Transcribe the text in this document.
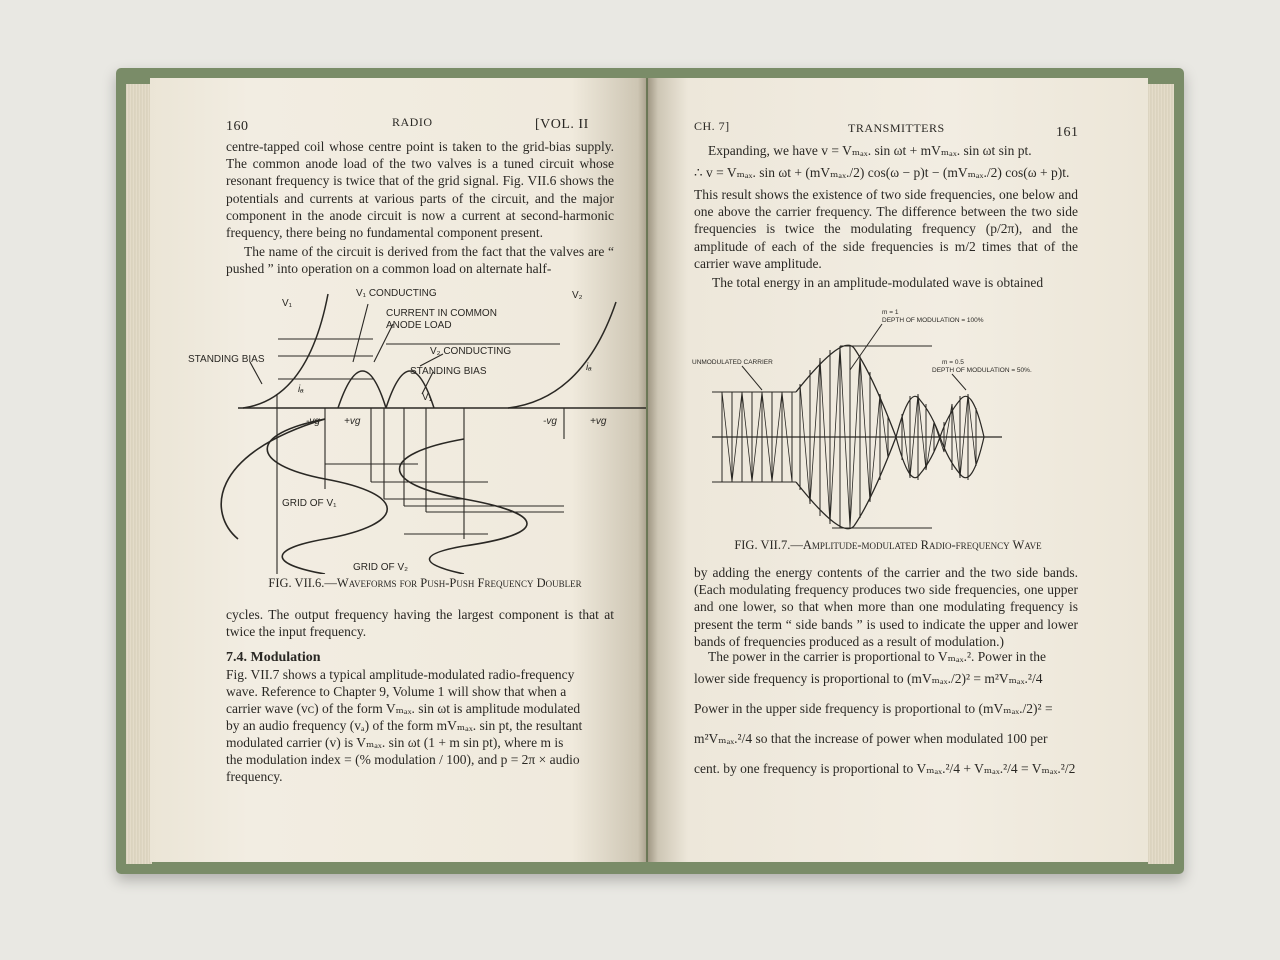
160	RADIO	[VOL. II

centre-tapped coil whose centre point is taken to the grid-bias supply. The common anode load of the two valves is a tuned circuit whose resonant frequency is twice that of the grid signal. Fig. VII.6 shows the potentials and currents at various parts of the circuit, and the major component in the anode circuit is now a current at second-harmonic frequency, there being no fundamental component present.

The name of the circuit is derived from the fact that the valves are “ pushed ” into operation on a common load on alternate half-

V₁
V₁ CONDUCTING
CURRENT IN COMMON
ANODE LOAD
V₂
STANDING BIAS
iₐ
V₂ CONDUCTING
STANDING BIAS
V₁
iₐ
-vg +vg	-vg	+vg
GRID OF V₁
GRID OF V₂
FIG. VII.6.—Waveforms for Push-Push Frequency Doubler

cycles. The output frequency having the largest component is that at twice the input frequency.

7.4. Modulation
Fig. VII.7 shows a typical amplitude-modulated radio-frequency
wave. Reference to Chapter 9, Volume 1 will show that when a
carrier wave (vᴄ) of the form Vₘₐₓ. sin ωt is amplitude modulated
by an audio frequency (vₐ) of the form mVₘₐₓ. sin pt, the resultant
modulated carrier (v) is Vₘₐₓ. sin ωt (1 + m sin pt), where m is
the modulation index = (% modulation / 100), and p = 2π × audio
frequency.
CH. 7]	TRANSMITTERS	161
Expanding, we have v = Vₘₐₓ. sin ωt + mVₘₐₓ. sin ωt sin pt.
∴ v = Vₘₐₓ. sin ωt + (mVₘₐₓ./2) cos(ω − p)t − (mVₘₐₓ./2) cos(ω + p)t.

This result shows the existence of two side frequencies, one below and one above the carrier frequency. The difference between the two side frequencies is twice the modulating frequency (p/2π), and the amplitude of each of the side frequencies is m/2 times that of the carrier wave amplitude.

The total energy in an amplitude-modulated wave is obtained

m = 1
DEPTH OF MODULATION = 100%
UNMODULATED CARRIER	m = 0.5
DEPTH OF MODULATION = 50%.
FIG. VII.7.—Amplitude-modulated Radio-frequency Wave

by adding the energy contents of the carrier and the two side bands. (Each modulating frequency produces two side frequencies, one upper and one lower, so that when more than one modulating frequency is present the term “ side bands ” is used to indicate the upper and lower bands of frequencies produced as a result of modulation.)

The power in the carrier is proportional to Vₘₐₓ.². Power in the
lower side frequency is proportional to (mVₘₐₓ./2)² = m²Vₘₐₓ.²/4
Power in the upper side frequency is proportional to (mVₘₐₓ./2)² =
m²Vₘₐₓ.²/4 so that the increase of power when modulated 100 per
cent. by one frequency is proportional to Vₘₐₓ.²/4 + Vₘₐₓ.²/4 = Vₘₐₓ.²/2
